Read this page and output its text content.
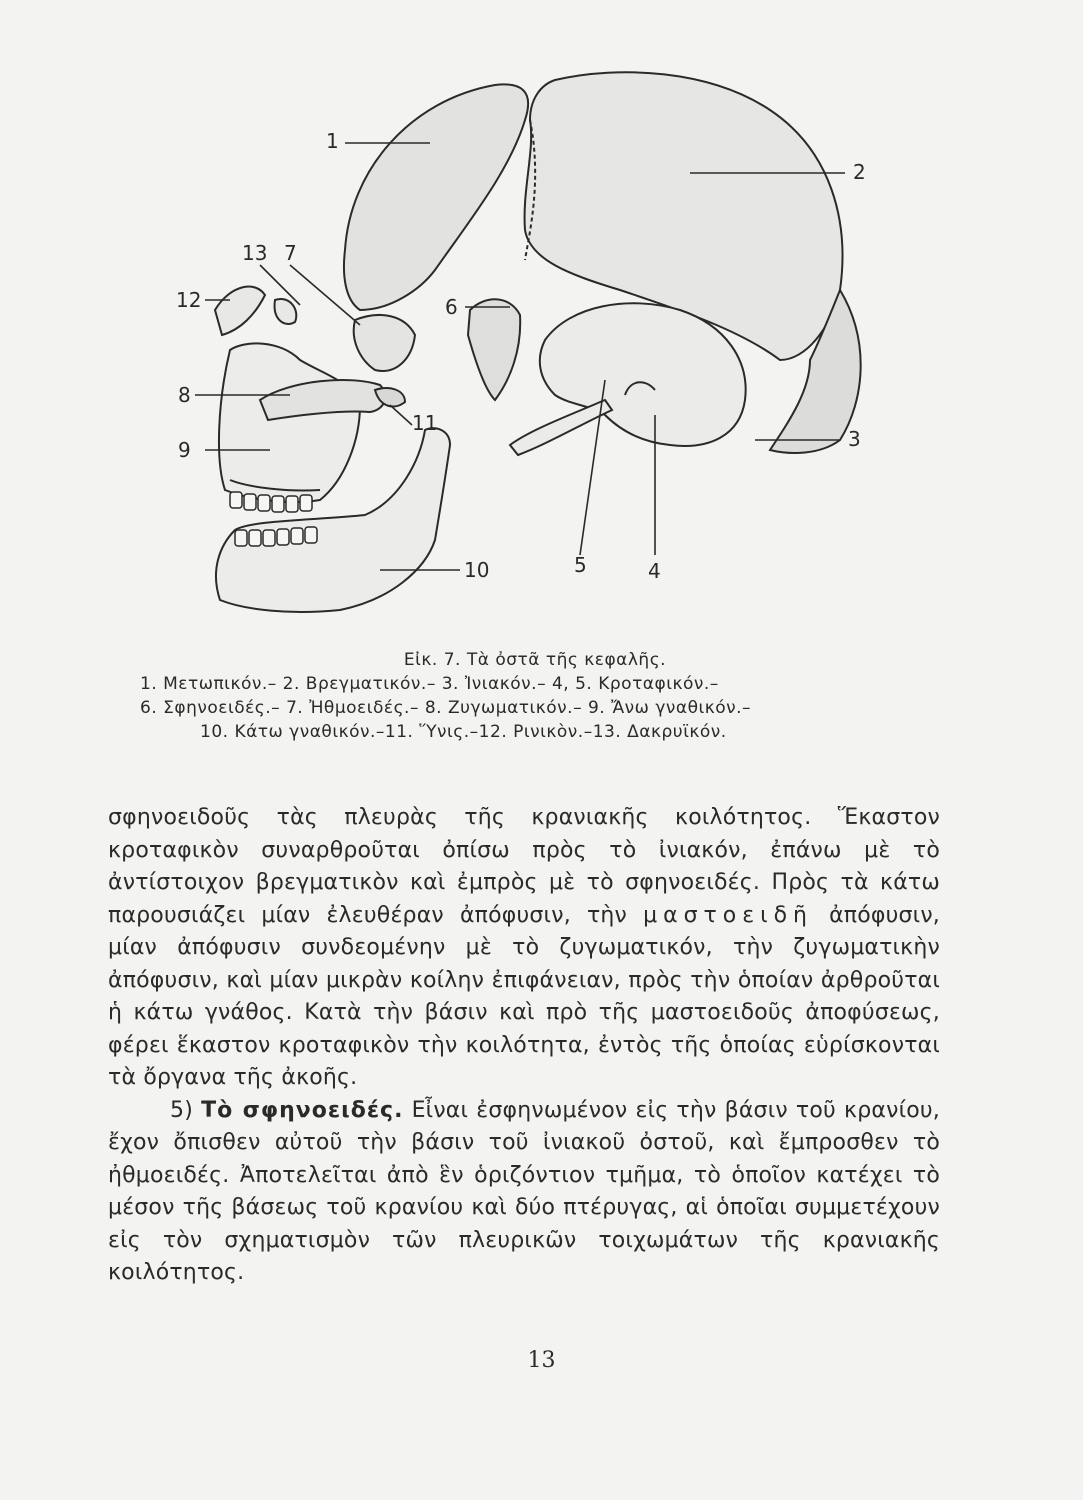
1
2
3
4
5
6
7
8
9
10
11
12
13

Εἰκ. 7. Τὰ ὀστᾶ τῆς κεφαλῆς.

1. Μετωπικόν.– 2. Βρεγματικόν.– 3. Ἰνιακόν.– 4, 5. Κροταφικόν.–

6. Σφηνοειδές.– 7. Ἠθμοειδές.– 8. Ζυγωματικόν.– 9. Ἄνω γναθικόν.–

10. Κάτω γναθικόν.–11. Ὕνις.–12. Ρινικὸν.–13. Δακρυϊκόν.

σφηνοειδοῦς τὰς πλευρὰς τῆς κρανιακῆς κοιλότητος. Ἕκαστον κροταφικὸν συναρθροῦται ὀπίσω πρὸς τὸ ἰνιακόν, ἐπάνω μὲ τὸ ἀντίστοιχον βρεγματικὸν καὶ ἐμπρὸς μὲ τὸ σφηνοειδές. Πρὸς τὰ κάτω παρουσιάζει μίαν ἐλευθέραν ἀπόφυσιν, τὴν μαστοειδῆ ἀπόφυσιν, μίαν ἀπόφυσιν συνδεομένην μὲ τὸ ζυγωματικόν, τὴν ζυγωματικὴν ἀπόφυσιν, καὶ μίαν μικρὰν κοίλην ἐπιφάνειαν, πρὸς τὴν ὁποίαν ἀρθροῦται ἡ κάτω γνάθος. Κατὰ τὴν βάσιν καὶ πρὸ τῆς μαστοειδοῦς ἀποφύσεως, φέρει ἕκαστον κροταφικὸν τὴν κοιλότητα, ἐντὸς τῆς ὁποίας εὑρίσκονται τὰ ὄργανα τῆς ἀκοῆς.

5) Τὸ σφηνοειδές. Εἶναι ἐσφηνωμένον εἰς τὴν βάσιν τοῦ κρανίου, ἔχον ὄπισθεν αὐτοῦ τὴν βάσιν τοῦ ἰνιακοῦ ὀστοῦ, καὶ ἔμπροσθεν τὸ ἠθμοειδές. Ἀποτελεῖται ἀπὸ ἓν ὁριζόντιον τμῆμα, τὸ ὁποῖον κατέχει τὸ μέσον τῆς βάσεως τοῦ κρανίου καὶ δύο πτέρυγας, αἱ ὁποῖαι συμμετέχουν εἰς τὸν σχηματισμὸν τῶν πλευρικῶν τοιχωμάτων τῆς κρανιακῆς κοιλότητος.

13
